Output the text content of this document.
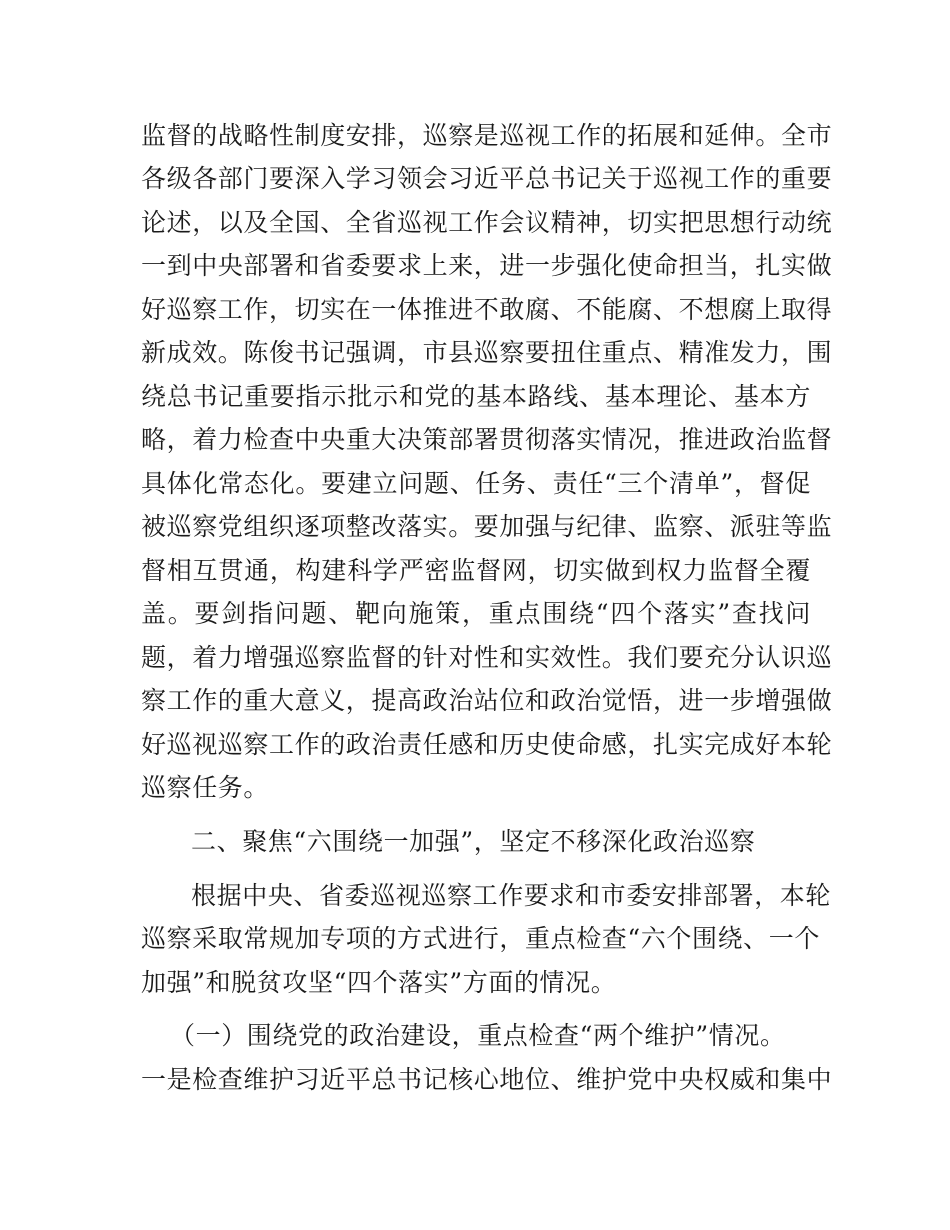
监督的战略性制度安排，巡察是巡视工作的拓展和延伸。全市
各级各部门要深入学习领会习近平总书记关于巡视工作的重要
论述，以及全国、全省巡视工作会议精神，切实把思想行动统
一到中央部署和省委要求上来，进一步强化使命担当，扎实做
好巡察工作，切实在一体推进不敢腐、不能腐、不想腐上取得
新成效。陈俊书记强调，市县巡察要扭住重点、精准发力，围
绕总书记重要指示批示和党的基本路线、基本理论、基本方
略，着力检查中央重大决策部署贯彻落实情况，推进政治监督
具体化常态化。要建立问题、任务、责任“三个清单”，督促
被巡察党组织逐项整改落实。要加强与纪律、监察、派驻等监
督相互贯通，构建科学严密监督网，切实做到权力监督全覆
盖。要剑指问题、靶向施策，重点围绕“四个落实”查找问
题，着力增强巡察监督的针对性和实效性。我们要充分认识巡
察工作的重大意义，提高政治站位和政治觉悟，进一步增强做
好巡视巡察工作的政治责任感和历史使命感，扎实完成好本轮
巡察任务。
二、聚焦“六围绕一加强”，坚定不移深化政治巡察
根据中央、省委巡视巡察工作要求和市委安排部署，本轮
巡察采取常规加专项的方式进行，重点检查“六个围绕、一个
加强”和脱贫攻坚“四个落实”方面的情况。
（一）围绕党的政治建设，重点检查“两个维护”情况。
一是检查维护习近平总书记核心地位、维护党中央权威和集中
